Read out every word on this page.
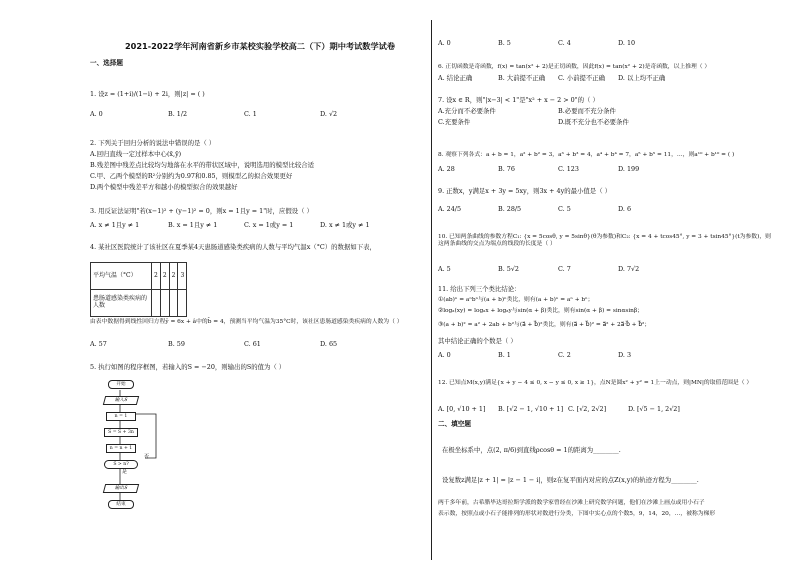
2021-2022学年河南省新乡市某校实验学校高二（下）期中考试数学试卷
一、选择题
1. 设z = (1+i)/(1−i) + 2i，则|z| = ( )
A. 0	B. 1/2	C. 1	D. √2
2. 下列关于回归分析的说法中错误的是（ ）
A.回归直线一定过样本中心(x̄,ȳ)
B.残差图中残差点比较均匀地落在水平的带状区域中，说明选用的模型比较合适
C.甲、乙两个模型的R²分别约为0.97和0.85，则模型乙的拟合效果更好
D.两个模型中残差平方和越小的模型拟合的效果越好
3. 用反证法证明"若(x−1)² + (y−1)² = 0，则x = 1且y = 1"时，应假设（ ）
A. x ≠ 1且y ≠ 1	B. x = 1且y ≠ 1	C. x = 1或y = 1	D. x ≠ 1或y ≠ 1
4. 某社区医院统计了该社区在夏季某4天患肠道感染类疾病的人数与平均气温x（°C）的数据如下表，
平均气温（°C）	2	2	2	3
患肠道感染类疾病的人数				
由表中数据得到线性回归方程ŷ = 6x + â中的b̂ = 4，预测当平均气温为35°C时，该社区患肠道感染类疾病的人数为（ ）
A. 57	B. 59	C. 61	D. 65
5. 执行如图的程序框图，若输入的S = −20，则输出的S的值为（ ）
开始
输入S
n = 1
S = S + 3n
n = n + 1
S > n?
否
是
输出S
结束
A. 0	B. 5	C. 4	D. 10
6. 正切函数是奇函数，f(x) = tan(x² + 2)是正切函数，因此f(x) = tan(x² + 2)是奇函数，以上推理（ ）
A. 结论正确	B. 大前提不正确 C. 小前提不正确 D. 以上均不正确
7. 设x ∈ R，则"|x−3| < 1"是"x² + x − 2 > 0"的（ ）
A.充分而不必要条件	B.必要而不充分条件
C.充要条件	D.既不充分也不必要条件
8. 观察下列各式：a + b = 1，a² + b² = 3，a³ + b³ = 4，a⁴ + b⁴ = 7，a⁵ + b⁵ = 11，…，则a¹⁰ + b¹⁰ = ( )
A. 28	B. 76	C. 123	D. 199
9. 正数x，y满足x + 3y = 5xy，则3x + 4y的最小值是（ ）
A. 24/5	B. 28/5	C. 5	D. 6
10. 已知两条曲线的参数方程C₁: {x = 5cosθ, y = 5sinθ}(θ为参数)和C₂: {x = 4 + tcos45°, y = 3 + tsin45°}(t为参数)，则这两条曲线的交点为端点的线段的长度是（ ）
A. 5	B. 5√2	C. 7	D. 7√2
11. 给出下列三个类比结论：
①(ab)ⁿ = aⁿbⁿ与(a + b)ⁿ类比，则有(a + b)ⁿ = aⁿ + bⁿ；
②logₐ(xy) = logₐx + logₐy与sin(α + β)类比，则有sin(α + β) = sinαsinβ；
③(a + b)² = a² + 2ab + b²与(a⃗ + b⃗)²类比，则有(a⃗ + b⃗)² = a⃗² + 2a⃗·b⃗ + b⃗²；
其中结论正确的个数是（ ）
A. 0	B. 1	C. 2	D. 3
12. 已知点M(x,y)满足{x + y − 4 ≤ 0, x − y ≤ 0, x ≥ 1}，点N是圆x² + y² = 1上一动点，则|MN|的取值范围是（ ）
A. [0, √10 + 1] B. [√2 − 1, √10 + 1] C. [√2, 2√2]	D. [√5 − 1, 2√2]
二、填空题
在极坐标系中，点(2, π/6)到直线ρcosθ = 1的距离为________.
设复数z满足|z + 1| = |z − 1 − i|，则z在复平面内对应的点Z(x,y)的轨迹方程为________.
两千多年前，古希腊毕达哥拉斯学派的数学家曾经在沙滩上研究数学问题，他们在沙滩上画点或用小石子
表示数，按照点或小石子能排列的形状对数进行分类，下图中实心点的个数5，9，14，20，…，被称为梯形
